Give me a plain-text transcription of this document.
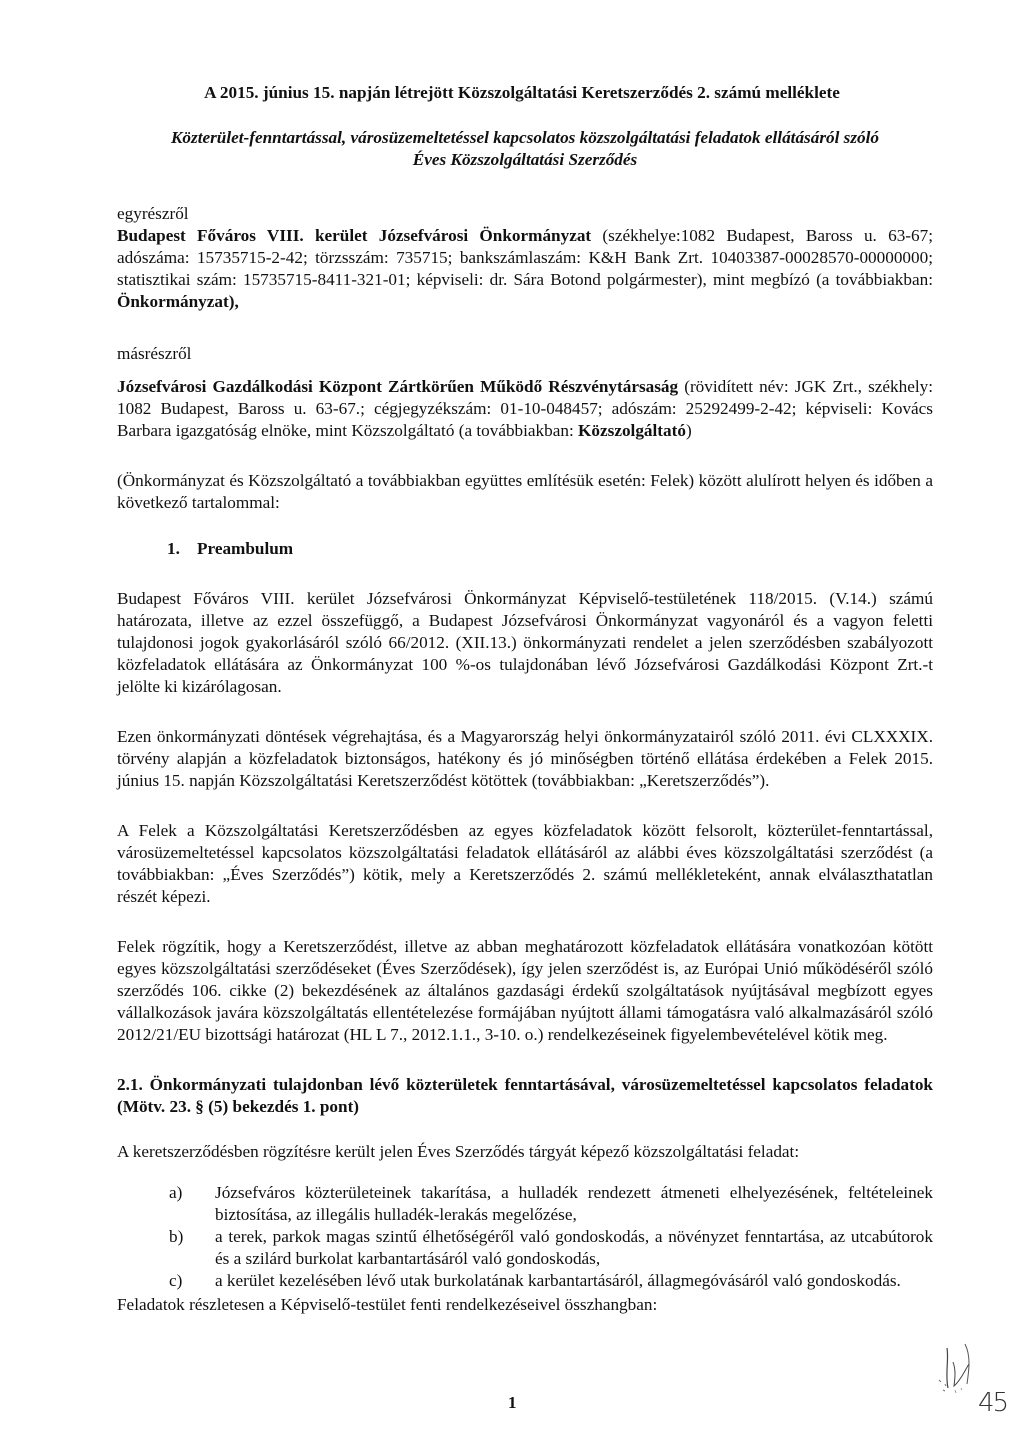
A 2015. június 15. napján létrejött Közszolgáltatási Keretszerződés 2. számú melléklete

Közterület-fenntartással, városüzemeltetéssel kapcsolatos közszolgáltatási feladatok ellátásáról szóló
Éves Közszolgáltatási Szerződés

egyrészről

Budapest Főváros VIII. kerület Józsefvárosi Önkormányzat (székhelye:1082 Budapest, Baross u. 63-67; adószáma: 15735715-2-42; törzsszám: 735715; bankszámlaszám: K&H Bank Zrt. 10403387-00028570-00000000; statisztikai szám: 15735715-8411-321-01; képviseli: dr. Sára Botond polgármester), mint megbízó (a továbbiakban: Önkormányzat),

másrészről

Józsefvárosi Gazdálkodási Központ Zártkörűen Működő Részvénytársaság (rövidített név: JGK Zrt., székhely: 1082 Budapest, Baross u. 63-67.; cégjegyzékszám: 01-10-048457; adószám: 25292499-2-42; képviseli: Kovács Barbara igazgatóság elnöke, mint Közszolgáltató (a továbbiakban: Közszolgáltató)

(Önkormányzat és Közszolgáltató a továbbiakban együttes említésük esetén: Felek) között alulírott helyen és időben a következő tartalommal:

1. Preambulum

Budapest Főváros VIII. kerület Józsefvárosi Önkormányzat Képviselő-testületének 118/2015. (V.14.) számú határozata, illetve az ezzel összefüggő, a Budapest Józsefvárosi Önkormányzat vagyonáról és a vagyon feletti tulajdonosi jogok gyakorlásáról szóló 66/2012. (XII.13.) önkormányzati rendelet a jelen szerződésben szabályozott közfeladatok ellátására az Önkormányzat 100 %-os tulajdonában lévő Józsefvárosi Gazdálkodási Központ Zrt.-t jelölte ki kizárólagosan.

Ezen önkormányzati döntések végrehajtása, és a Magyarország helyi önkormányzatairól szóló 2011. évi CLXXXIX. törvény alapján a közfeladatok biztonságos, hatékony és jó minőségben történő ellátása érdekében a Felek 2015. június 15. napján Közszolgáltatási Keretszerződést kötöttek (továbbiakban: „Keretszerződés”).

A Felek a Közszolgáltatási Keretszerződésben az egyes közfeladatok között felsorolt, közterület-fenntartással, városüzemeltetéssel kapcsolatos közszolgáltatási feladatok ellátásáról az alábbi éves közszolgáltatási szerződést (a továbbiakban: „Éves Szerződés”) kötik, mely a Keretszerződés 2. számú mellékleteként, annak elválaszthatatlan részét képezi.

Felek rögzítik, hogy a Keretszerződést, illetve az abban meghatározott közfeladatok ellátására vonatkozóan kötött egyes közszolgáltatási szerződéseket (Éves Szerződések), így jelen szerződést is, az Európai Unió működéséről szóló szerződés 106. cikke (2) bekezdésének az általános gazdasági érdekű szolgáltatások nyújtásával megbízott egyes vállalkozások javára közszolgáltatás ellentételezése formájában nyújtott állami támogatásra való alkalmazásáról szóló 2012/21/EU bizottsági határozat (HL L 7., 2012.1.1., 3-10. o.) rendelkezéseinek figyelembevételével kötik meg.

2.1. Önkormányzati tulajdonban lévő közterületek fenntartásával, városüzemeltetéssel kapcsolatos feladatok (Mötv. 23. § (5) bekezdés 1. pont)

A keretszerződésben rögzítésre került jelen Éves Szerződés tárgyát képező közszolgáltatási feladat:

a)	Józsefváros közterületeinek takarítása, a hulladék rendezett átmeneti elhelyezésének, feltételeinek biztosítása, az illegális hulladék-lerakás megelőzése,
b)	a terek, parkok magas szintű élhetőségéről való gondoskodás, a növényzet fenntartása, az utcabútorok és a szilárd burkolat karbantartásáról való gondoskodás,
c)	a kerület kezelésében lévő utak burkolatának karbantartásáról, állagmegóvásáról való gondoskodás.

Feladatok részletesen a Képviselő-testület fenti rendelkezéseivel összhangban:

1	45
